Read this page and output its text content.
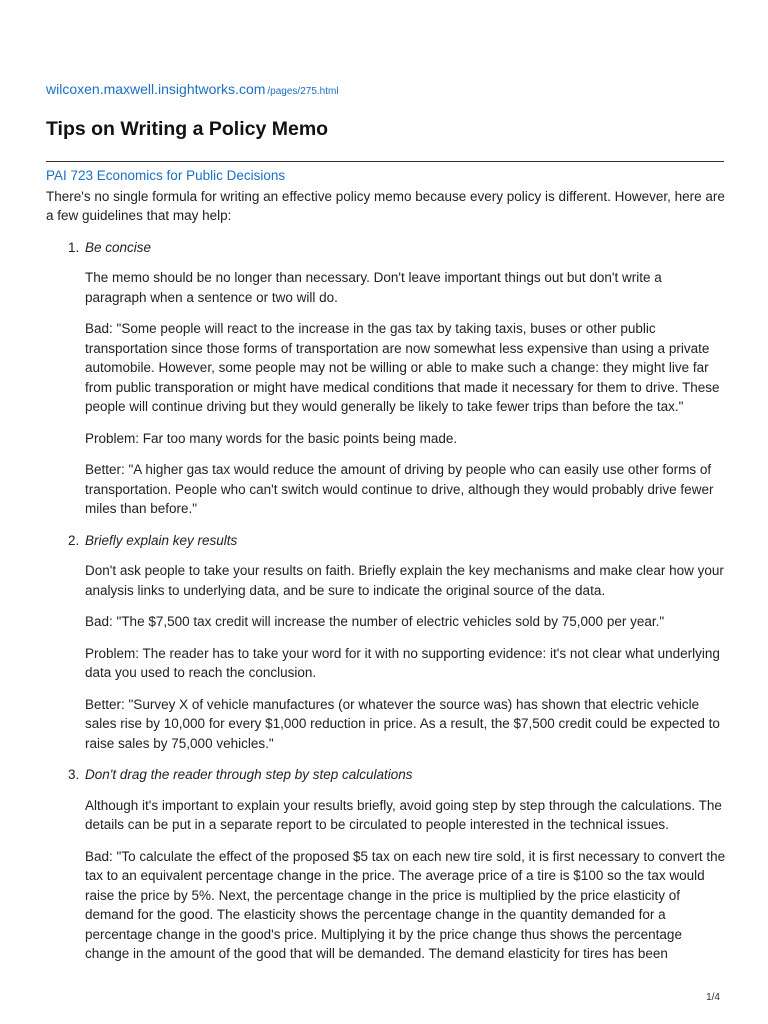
wilcoxen.maxwell.insightworks.com /pages/275.html
Tips on Writing a Policy Memo
PAI 723 Economics for Public Decisions

There's no single formula for writing an effective policy memo because every policy is different. However, here are a few guidelines that may help:

1. Be concise

The memo should be no longer than necessary. Don't leave important things out but don't write a paragraph when a sentence or two will do.

Bad: "Some people will react to the increase in the gas tax by taking taxis, buses or other public transportation since those forms of transportation are now somewhat less expensive than using a private automobile. However, some people may not be willing or able to make such a change: they might live far from public transporation or might have medical conditions that made it necessary for them to drive. These people will continue driving but they would generally be likely to take fewer trips than before the tax."

Problem: Far too many words for the basic points being made.

Better: "A higher gas tax would reduce the amount of driving by people who can easily use other forms of transportation. People who can't switch would continue to drive, although they would probably drive fewer miles than before."

2. Briefly explain key results

Don't ask people to take your results on faith. Briefly explain the key mechanisms and make clear how your analysis links to underlying data, and be sure to indicate the original source of the data.

Bad: "The $7,500 tax credit will increase the number of electric vehicles sold by 75,000 per year."

Problem: The reader has to take your word for it with no supporting evidence: it's not clear what underlying data you used to reach the conclusion.

Better: "Survey X of vehicle manufactures (or whatever the source was) has shown that electric vehicle sales rise by 10,000 for every $1,000 reduction in price. As a result, the $7,500 credit could be expected to raise sales by 75,000 vehicles."

3. Don't drag the reader through step by step calculations

Although it's important to explain your results briefly, avoid going step by step through the calculations. The details can be put in a separate report to be circulated to people interested in the technical issues.

Bad: "To calculate the effect of the proposed $5 tax on each new tire sold, it is first necessary to convert the tax to an equivalent percentage change in the price. The average price of a tire is $100 so the tax would raise the price by 5%. Next, the percentage change in the price is multiplied by the price elasticity of demand for the good. The elasticity shows the percentage change in the quantity demanded for a percentage change in the good's price. Multiplying it by the price change thus shows the percentage change in the amount of the good that will be demanded. The demand elasticity for tires has been

1/4
